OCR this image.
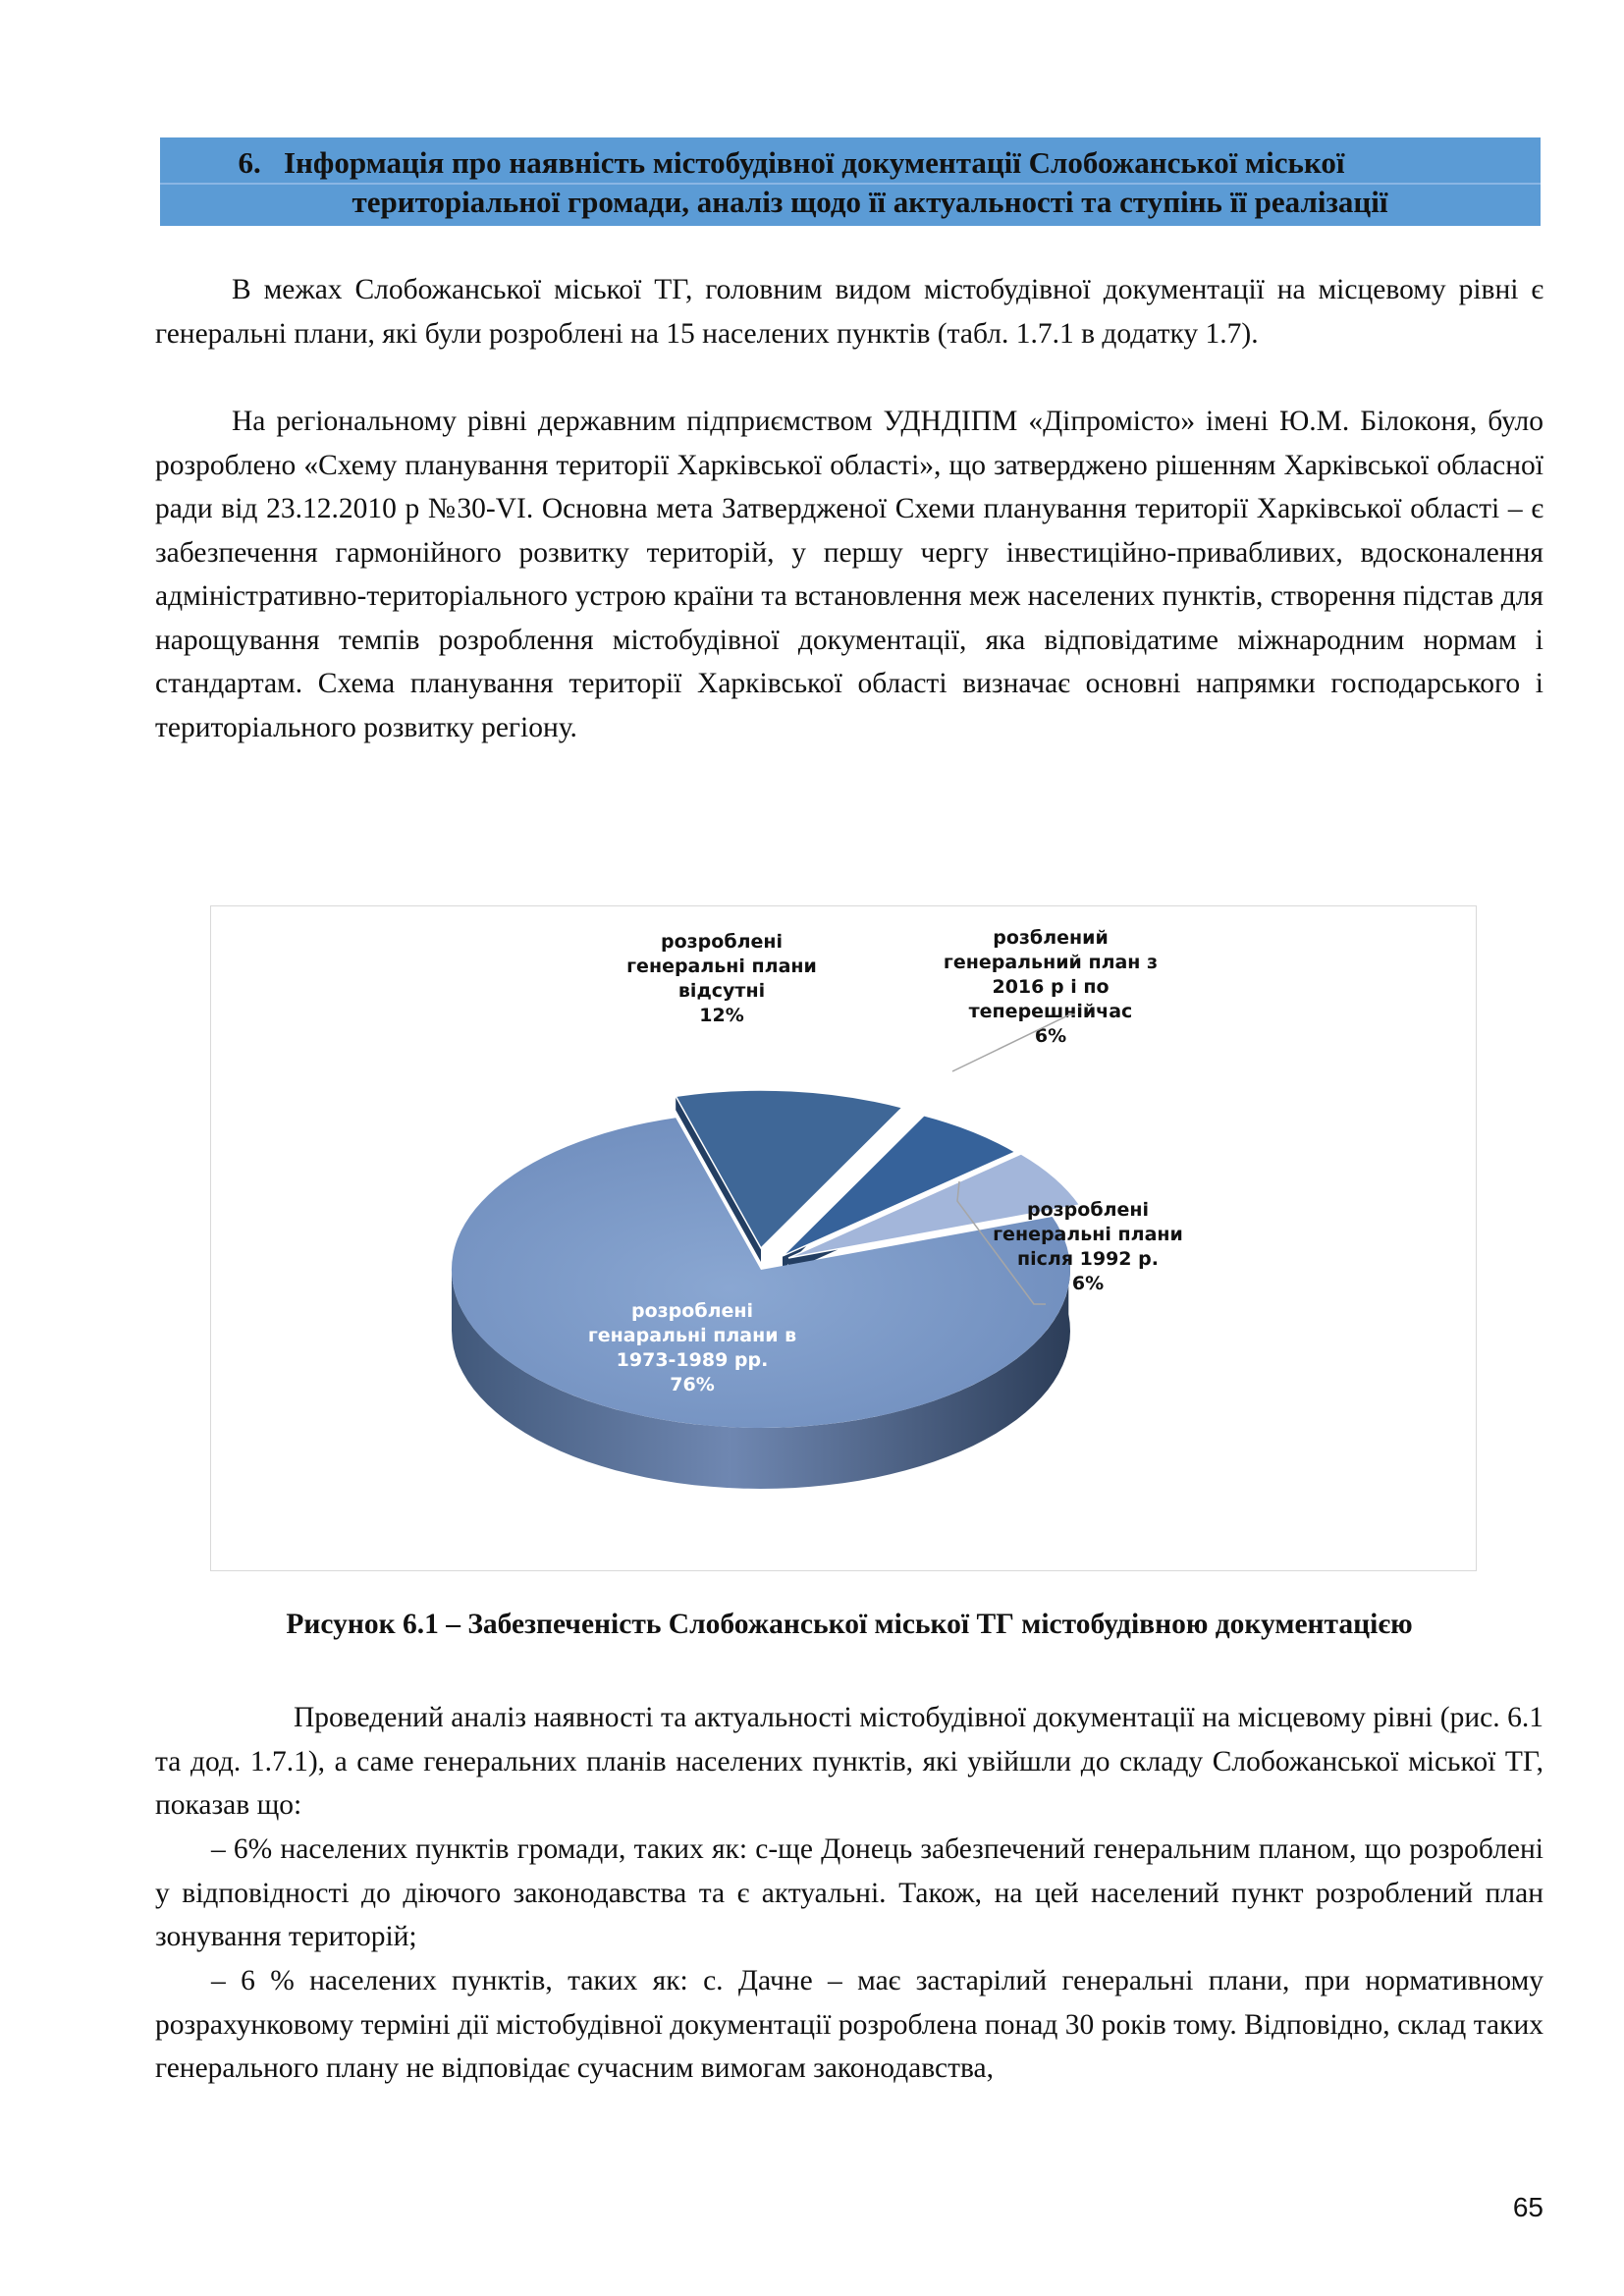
6. Інформація про наявність містобудівної документації Слобожанської міської
територіальної громади, аналіз щодо її актуальності та ступінь її реалізації

В межах Слобожанської міської ТГ, головним видом містобудівної документації на місцевому рівні є генеральні плани, які були розроблені на 15 населених пунктів (табл. 1.7.1 в додатку 1.7).

На регіональному рівні державним підприємством УДНДІПМ «Діпромісто» імені Ю.М. Білоконя, було розроблено «Схему планування території Харківської області», що затверджено рішенням Харківської обласної ради від 23.12.2010 р №30-VI. Основна мета Затвердженої Схеми планування території Харківської області – є забезпечення гармонійного розвитку територій, у першу чергу інвестиційно-привабливих, вдосконалення адміністративно-територіального устрою країни та встановлення меж населених пунктів, створення підстав для нарощування темпів розроблення містобудівної документації, яка відповідатиме міжнародним нормам і стандартам. Схема планування території Харківської області визначає основні напрямки господарського і територіального розвитку регіону.

розроблені
генаральні плани в
1973-1989 рр.
76%
розроблені
генеральні плани
відсутні
12%
розблений
генеральний план з
2016 р і по
теперешнійчас
6%
розроблені
генеральні плани
після 1992 р.
6%
Рисунок 6.1 – Забезпеченість Слобожанської міської ТГ містобудівною документацією

Проведений аналіз наявності та актуальності містобудівної документації на місцевому рівні (рис. 6.1 та дод. 1.7.1), а саме генеральних планів населених пунктів, які увійшли до складу Слобожанської міської ТГ, показав що:

– 6% населених пунктів громади, таких як: с-ще Донець забезпечений генеральним планом, що розроблені у відповідності до діючого законодавства та є актуальні. Також, на цей населений пункт розроблений план зонування територій;

– 6 % населених пунктів, таких як: с. Дачне – має застарілий генеральні плани, при нормативному розрахунковому терміні дії містобудівної документації розроблена понад 30 років тому. Відповідно, склад таких генерального плану не відповідає сучасним вимогам законодавства,

65
